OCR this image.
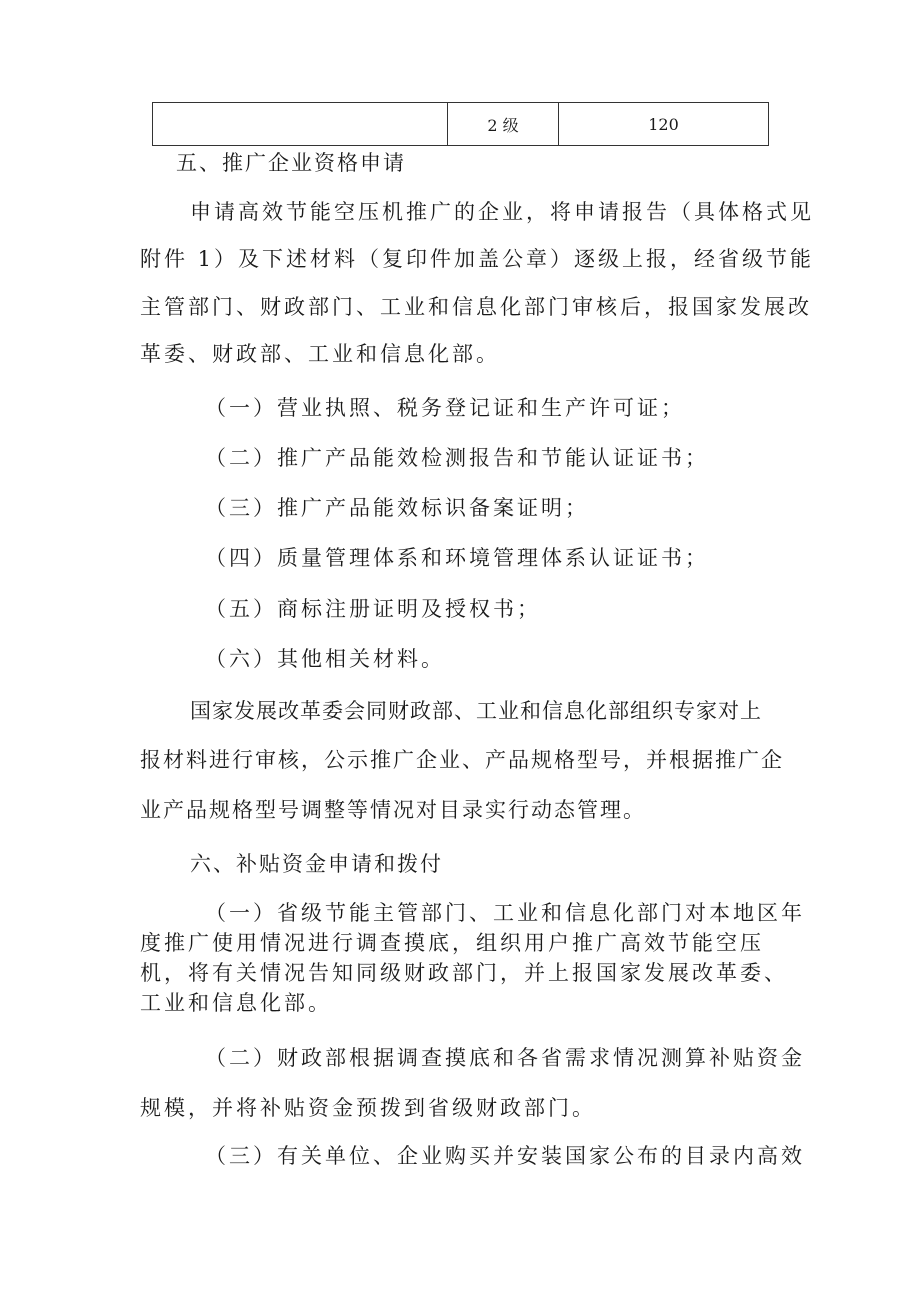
	2 级	120
五、推广企业资格申请
申请高效节能空压机推广的企业，将申请报告（具体格式见
附件 1）及下述材料（复印件加盖公章）逐级上报，经省级节能
主管部门、财政部门、工业和信息化部门审核后，报国家发展改
革委、财政部、工业和信息化部。
（一）营业执照、税务登记证和生产许可证；
（二）推广产品能效检测报告和节能认证证书；
（三）推广产品能效标识备案证明；
（四）质量管理体系和环境管理体系认证证书；
（五）商标注册证明及授权书；
（六）其他相关材料。
国家发展改革委会同财政部、工业和信息化部组织专家对上
报材料进行审核，公示推广企业、产品规格型号，并根据推广企
业产品规格型号调整等情况对目录实行动态管理。
六、补贴资金申请和拨付
（一）省级节能主管部门、工业和信息化部门对本地区年
度推广使用情况进行调查摸底，组织用户推广高效节能空压
机，将有关情况告知同级财政部门，并上报国家发展改革委、
工业和信息化部。
（二）财政部根据调查摸底和各省需求情况测算补贴资金
规模，并将补贴资金预拨到省级财政部门。
（三）有关单位、企业购买并安装国家公布的目录内高效
